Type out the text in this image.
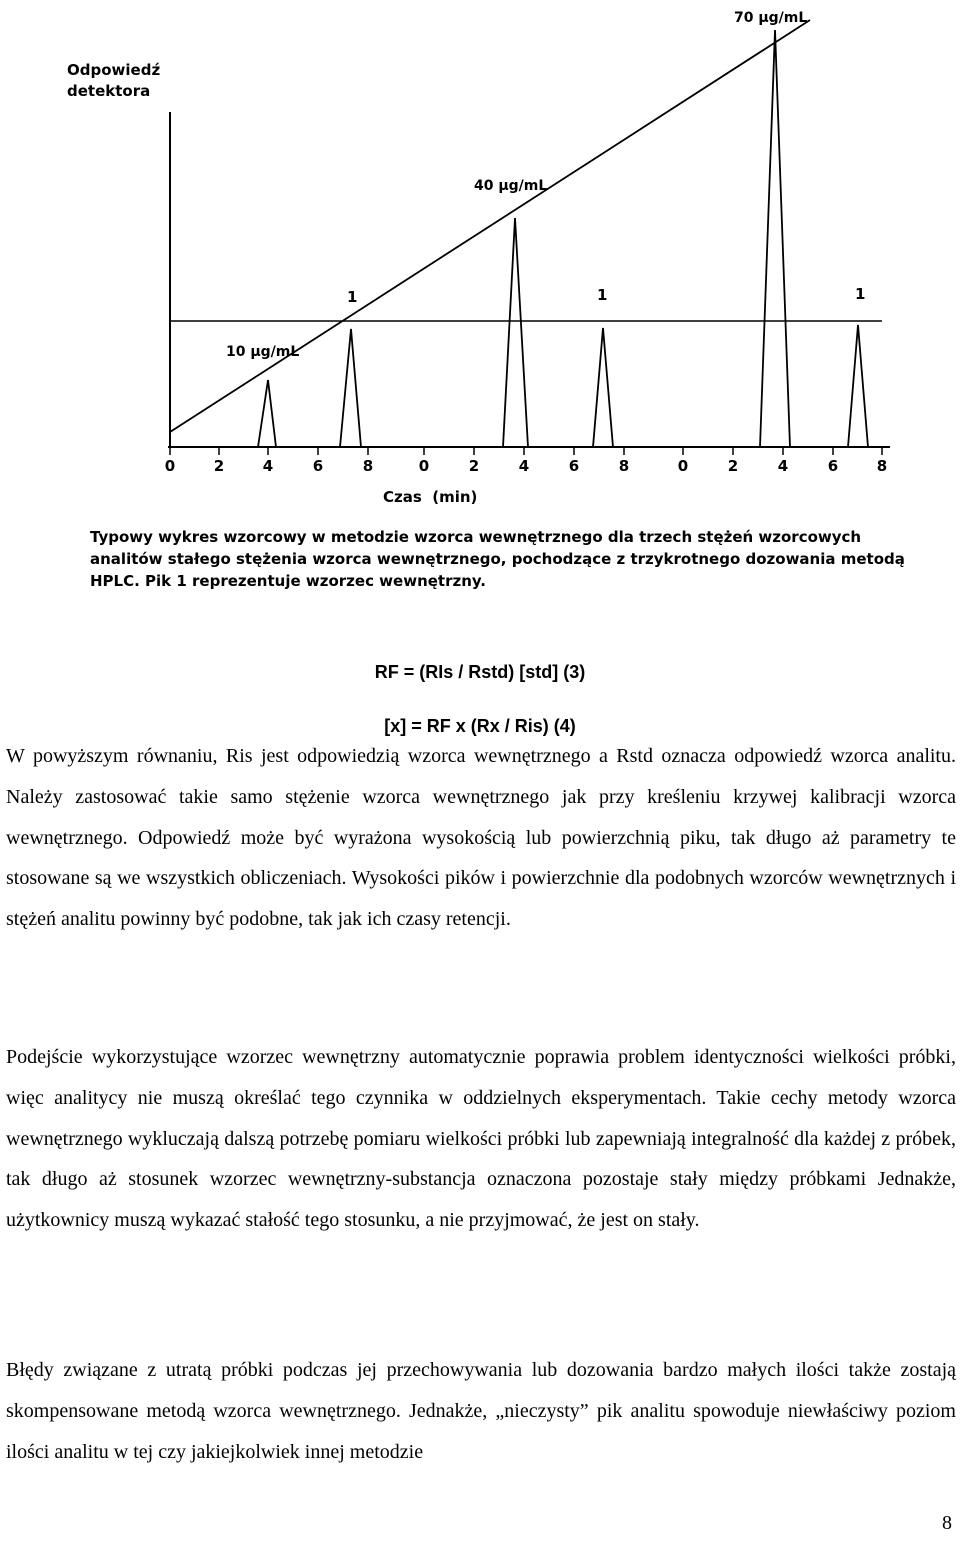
Odpowiedź
detektora
Czas  (min)
10 µg/mL
40 µg/mL
70 µg/mL
1	1	1
0	2	4	6	8	0	2	4	6	8	0	2	4	6	8

Typowy wykres wzorcowy w metodzie wzorca wewnętrznego dla trzech stężeń wzorcowych analitów stałego stężenia wzorca wewnętrznego, pochodzące z trzykrotnego dozowania metodą HPLC. Pik 1 reprezentuje wzorzec wewnętrzny.

RF = (RIs / Rstd) [std] (3)

[x] = RF x (Rx / Ris) (4)

W powyższym równaniu, Ris jest odpowiedzią wzorca wewnętrznego a Rstd oznacza odpowiedź wzorca analitu. Należy zastosować takie samo stężenie wzorca wewnętrznego jak przy kreśleniu krzywej kalibracji wzorca wewnętrznego. Odpowiedź może być wyrażona wysokością lub powierzchnią piku, tak długo aż parametry te stosowane są we wszystkich obliczeniach. Wysokości pików i powierzchnie dla podobnych wzorców wewnętrznych i stężeń analitu powinny być podobne, tak jak ich czasy retencji.

Podejście wykorzystujące wzorzec wewnętrzny automatycznie poprawia problem identyczności wielkości próbki, więc analitycy nie muszą określać tego czynnika w oddzielnych eksperymentach. Takie cechy metody wzorca wewnętrznego wykluczają dalszą potrzebę pomiaru wielkości próbki lub zapewniają integralność dla każdej z próbek, tak długo aż stosunek wzorzec wewnętrzny-substancja oznaczona pozostaje stały między próbkami Jednakże, użytkownicy muszą wykazać stałość tego stosunku, a nie przyjmować, że jest on stały.

Błędy związane z utratą próbki podczas jej przechowywania lub dozowania bardzo małych ilości także zostają skompensowane metodą wzorca wewnętrznego. Jednakże, „nieczysty” pik analitu spowoduje niewłaściwy poziom ilości analitu w tej czy jakiejkolwiek innej metodzie

8
